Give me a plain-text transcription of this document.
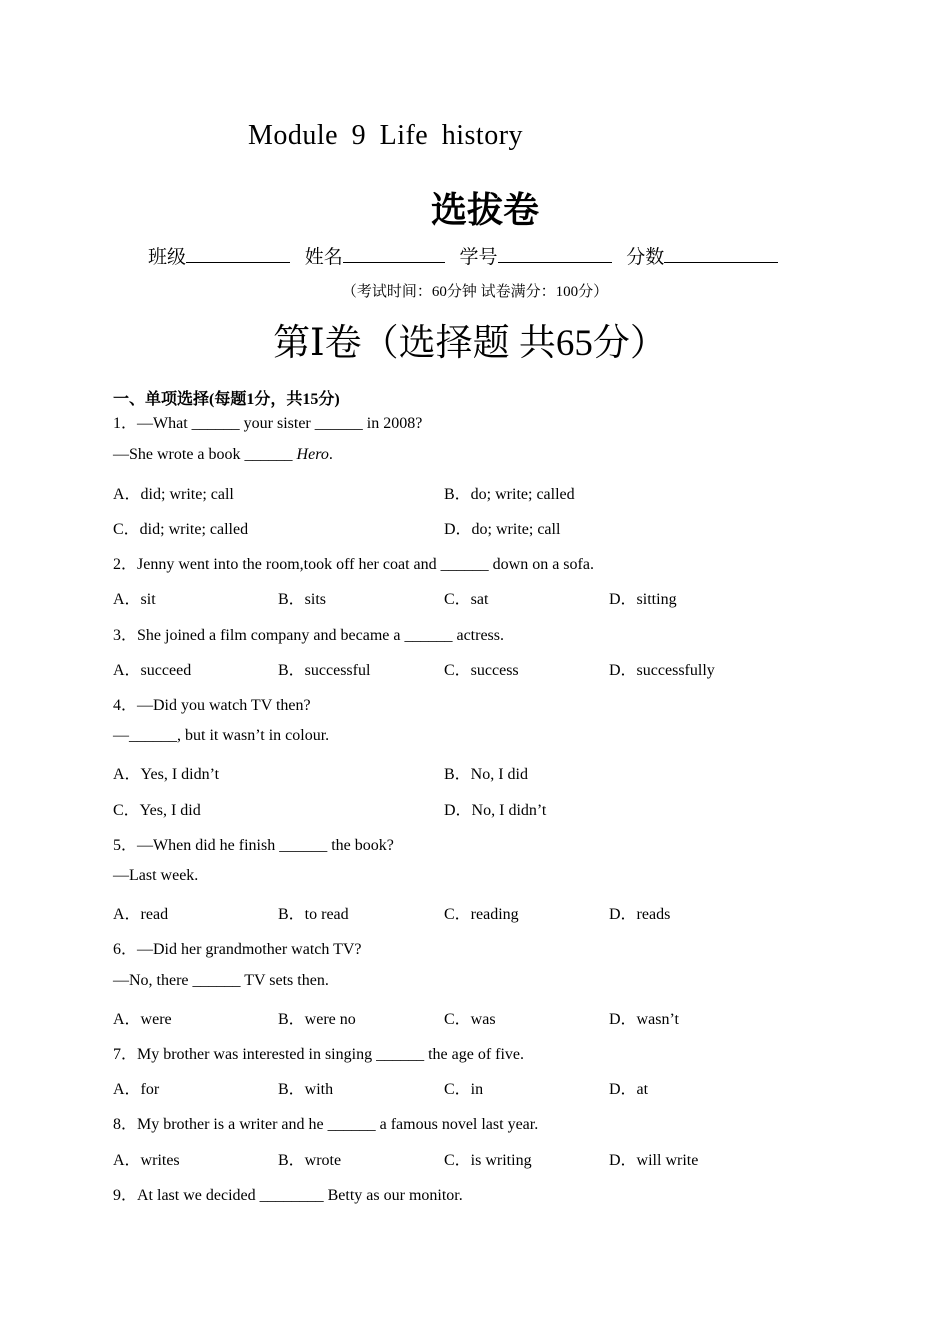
Module 9 Life history
选拔卷
班级	姓名	学号	分数
（考试时间：60分钟 试卷满分：100分）
第Ⅰ卷（选择题 共65分）
一、单项选择(每题1分，共15分)
1．—What ______ your sister ______ in 2008?
—She wrote a book ______ Hero.
A．did; write; call	B．do; write; called
C．did; write; called	D．do; write; call
2．Jenny went into the room,took off her coat and ______ down on a sofa.
A．sit	B．sits	C．sat	D．sitting
3．She joined a film company and became a ______ actress.
A．succeed	B．successful	C．success	D．successfully
4．—Did you watch TV then?
—______, but it wasn’t in colour.
A．Yes, I didn’t	B．No, I did
C．Yes, I did	D．No, I didn’t
5．—When did he finish ______ the book?
—Last week.
A．read	B．to read	C．reading	D．reads
6．—Did her grandmother watch TV?
—No, there ______ TV sets then.
A．were	B．were no	C．was	D．wasn’t
7．My brother was interested in singing ______ the age of five.
A．for	B．with	C．in	D．at
8．My brother is a writer and he ______ a famous novel last year.
A．writes	B．wrote	C．is writing	D．will write
9．At last we decided ________ Betty as our monitor.
